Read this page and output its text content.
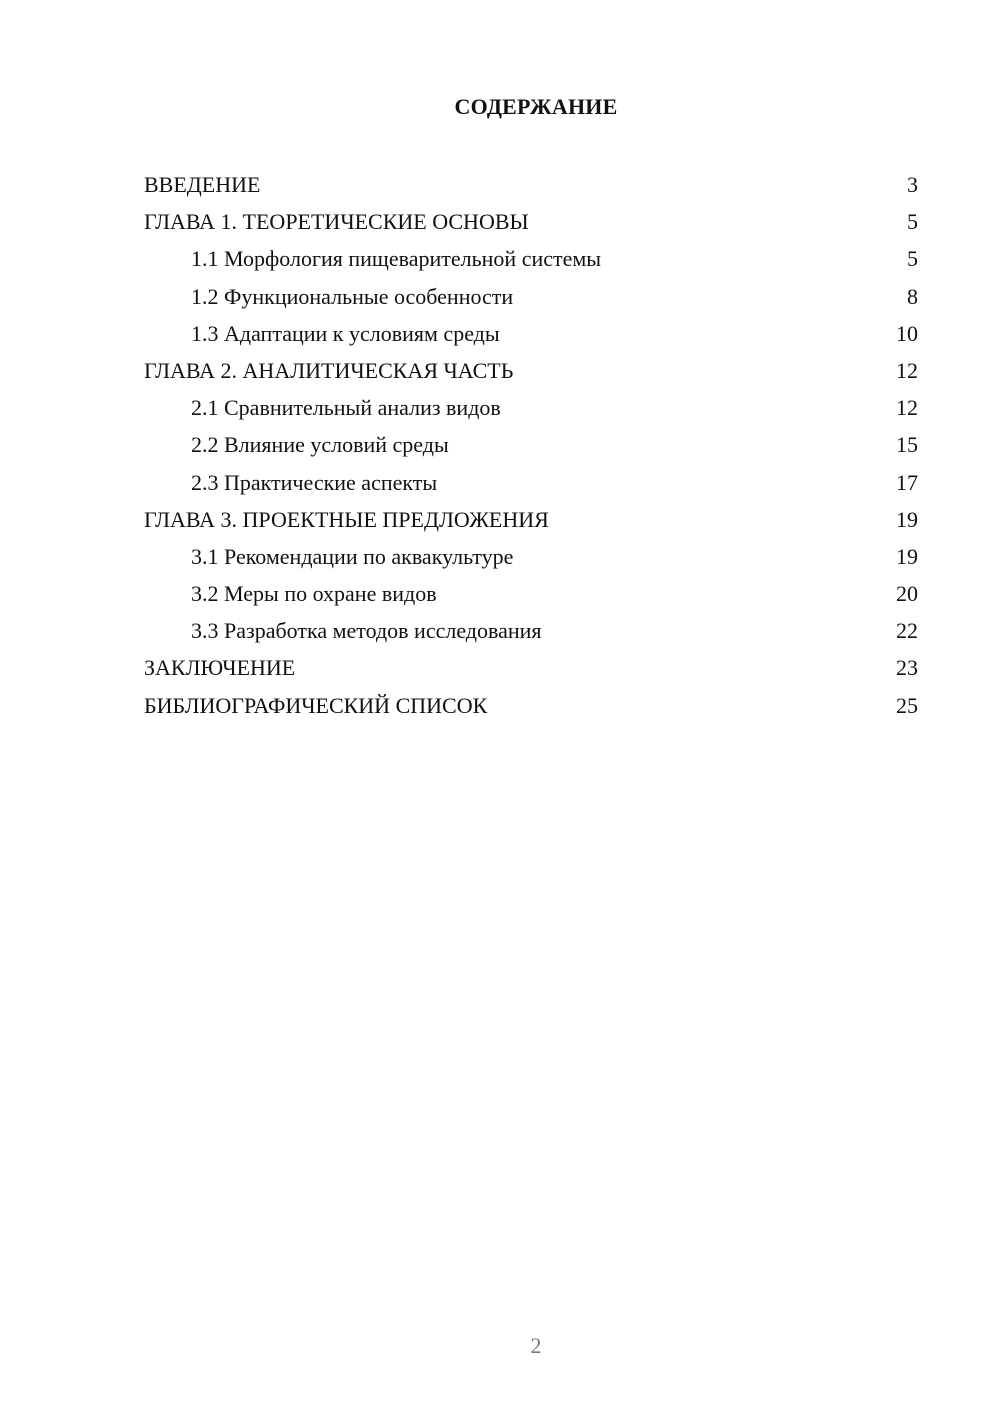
СОДЕРЖАНИЕ
ВВЕДЕНИЕ	3
ГЛАВА 1. ТЕОРЕТИЧЕСКИЕ ОСНОВЫ	5
1.1 Морфология пищеварительной системы	5
1.2 Функциональные особенности	8
1.3 Адаптации к условиям среды	10
ГЛАВА 2. АНАЛИТИЧЕСКАЯ ЧАСТЬ	12
2.1 Сравнительный анализ видов	12
2.2 Влияние условий среды	15
2.3 Практические аспекты	17
ГЛАВА 3. ПРОЕКТНЫЕ ПРЕДЛОЖЕНИЯ	19
3.1 Рекомендации по аквакультуре	19
3.2 Меры по охране видов	20
3.3 Разработка методов исследования	22
ЗАКЛЮЧЕНИЕ	23
БИБЛИОГРАФИЧЕСКИЙ СПИСОК	25
2
